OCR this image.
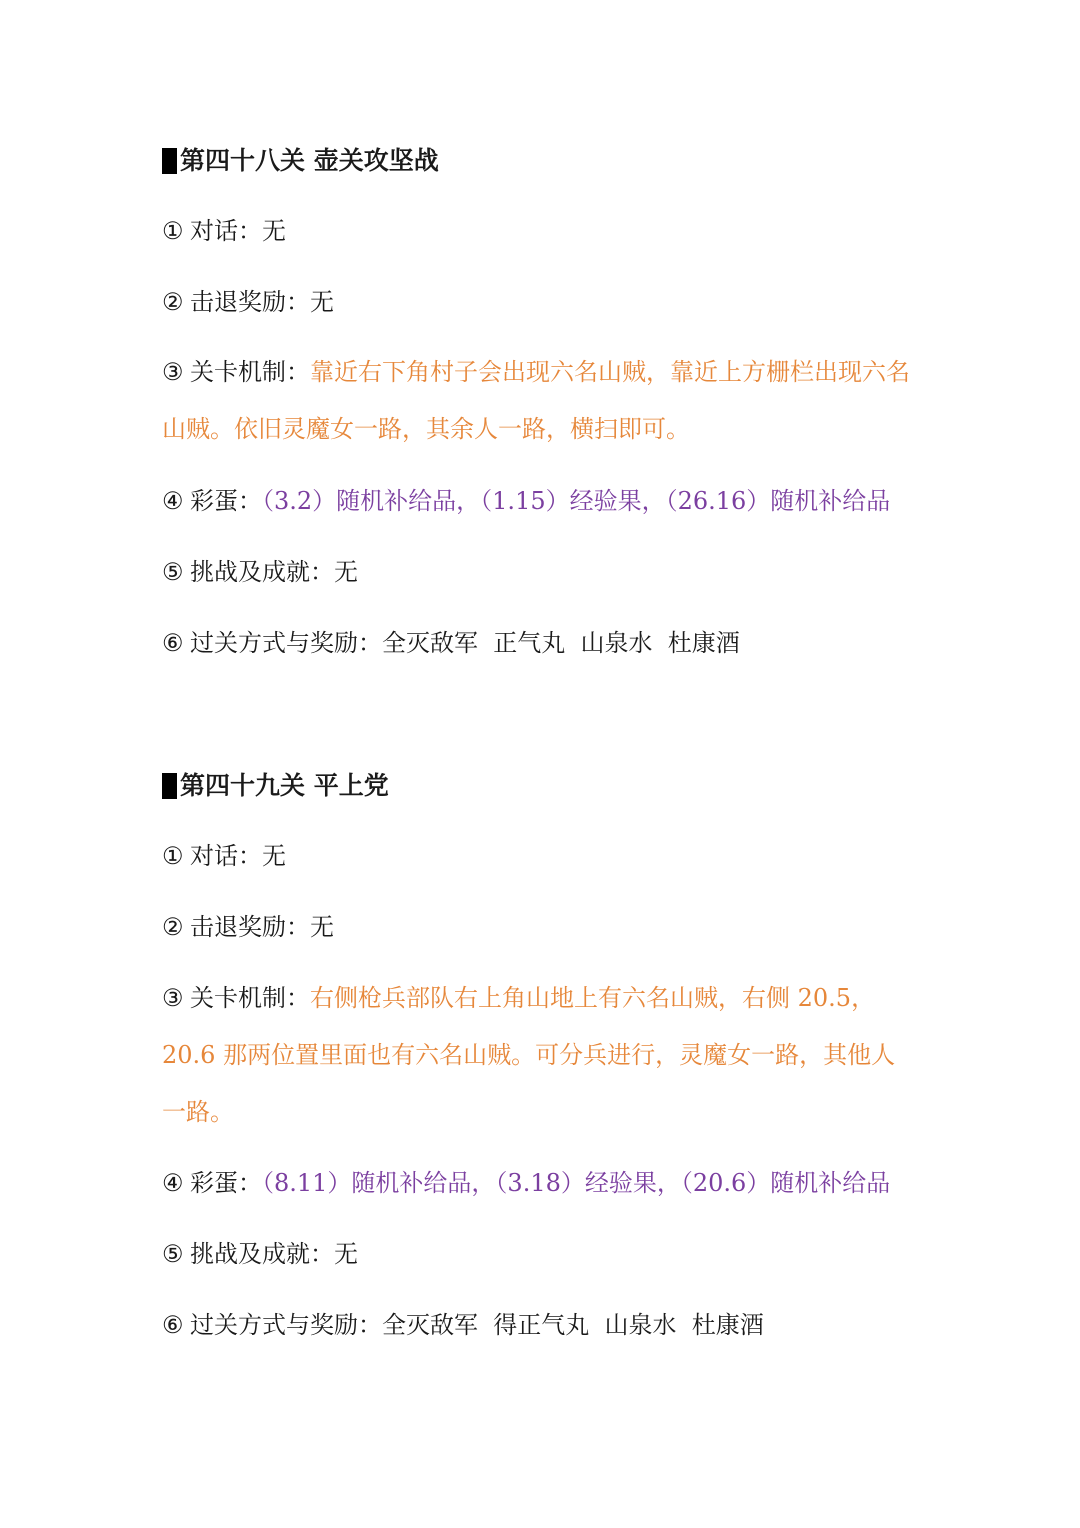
第四十八关 壶关攻坚战
① 对话：无
② 击退奖励：无
③ 关卡机制：靠近右下角村子会出现六名山贼，靠近上方栅栏出现六名山贼。依旧灵魔女一路，其余人一路，横扫即可。
④ 彩蛋：（3.2）随机补给品，（1.15）经验果，（26.16）随机补给品
⑤ 挑战及成就：无
⑥ 过关方式与奖励：全灭敌军  正气丸  山泉水  杜康酒
第四十九关 平上党
① 对话：无
② 击退奖励：无
③ 关卡机制：右侧枪兵部队右上角山地上有六名山贼，右侧 20.5，20.6 那两位置里面也有六名山贼。可分兵进行，灵魔女一路，其他人一路。
④ 彩蛋：（8.11）随机补给品，（3.18）经验果，（20.6）随机补给品
⑤ 挑战及成就：无
⑥ 过关方式与奖励：全灭敌军  得正气丸  山泉水  杜康酒
